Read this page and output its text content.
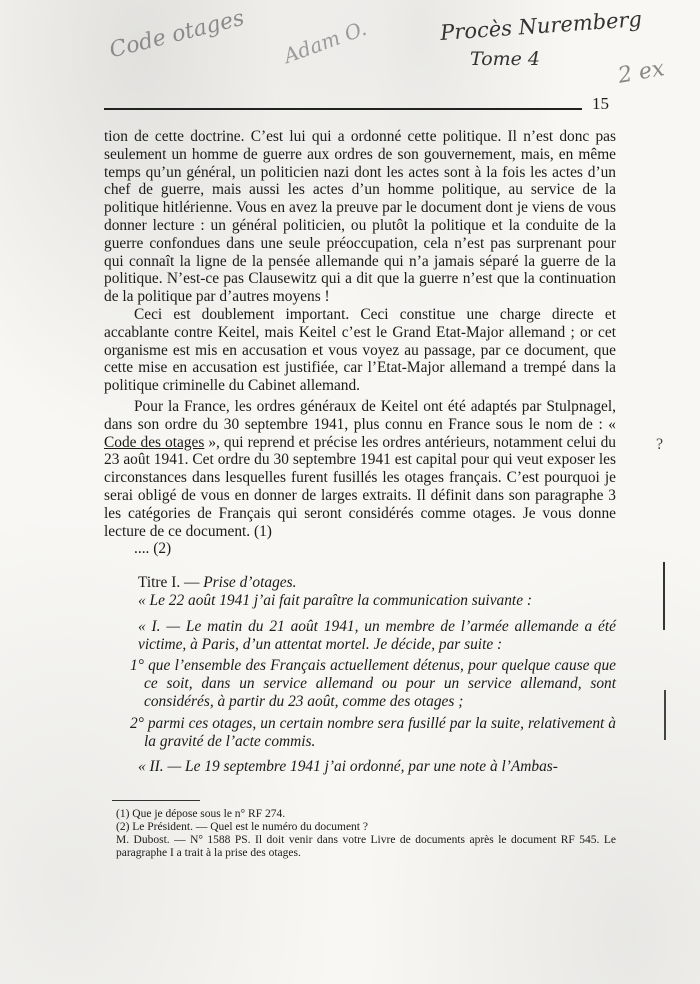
Code otages Adam O.	Procès Nuremberg
Tome 4	2 ex
15
?

tion de cette doctrine. C’est lui qui a ordonné cette politique. Il n’est donc pas seulement un homme de guerre aux ordres de son gouvernement, mais, en même temps qu’un général, un politicien nazi dont les actes sont à la fois les actes d’un chef de guerre, mais aussi les actes d’un homme politique, au service de la politique hitlérienne. Vous en avez la preuve par le document dont je viens de vous donner lecture : un général politicien, ou plutôt la politique et la conduite de la guerre confondues dans une seule préoccupation, cela n’est pas surprenant pour qui connaît la ligne de la pensée allemande qui n’a jamais séparé la guerre de la politique. N’est-ce pas Clausewitz qui a dit que la guerre n’est que la continuation de la politique par d’autres moyens !

Ceci est doublement important. Ceci constitue une charge directe et accablante contre Keitel, mais Keitel c’est le Grand Etat-Major allemand ; or cet organisme est mis en accusation et vous voyez au passage, par ce document, que cette mise en accusation est justifiée, car l’Etat-Major allemand a trempé dans la politique criminelle du Cabinet allemand.

Pour la France, les ordres généraux de Keitel ont été adaptés par Stulpnagel, dans son ordre du 30 septembre 1941, plus connu en France sous le nom de : « Code des otages », qui reprend et précise les ordres antérieurs, notamment celui du 23 août 1941. Cet ordre du 30 septembre 1941 est capital pour qui veut exposer les circonstances dans lesquelles furent fusillés les otages français. C’est pourquoi je serai obligé de vous en donner de larges extraits. Il définit dans son paragraphe 3 les catégories de Français qui seront considérés comme otages. Je vous donne lecture de ce document. (1)

.... (2)

Titre I. — Prise d’otages.

« Le 22 août 1941 j’ai fait paraître la communication suivante :

« I. — Le matin du 21 août 1941, un membre de l’armée allemande a été victime, à Paris, d’un attentat mortel. Je décide, par suite :

1° que l’ensemble des Français actuellement détenus, pour quelque cause que ce soit, dans un service allemand ou pour un service allemand, sont considérés, à partir du 23 août, comme des otages ;

2° parmi ces otages, un certain nombre sera fusillé par la suite, relativement à la gravité de l’acte commis.

« II. — Le 19 septembre 1941 j’ai ordonné, par une note à l’Ambas-

(1) Que je dépose sous le n° RF 274.

(2) Le Président. — Quel est le numéro du document ?

M. Dubost. — N° 1588 PS. Il doit venir dans votre Livre de documents après le document RF 545. Le paragraphe I a trait à la prise des otages.
